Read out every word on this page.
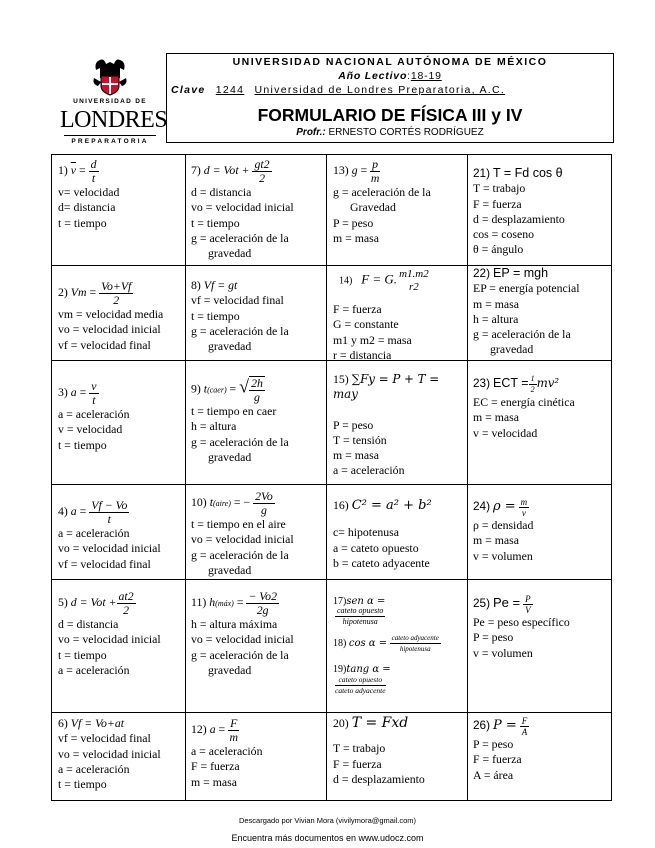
UNIVERSIDAD DE
LONDRES
PREPARATORIA
UNIVERSIDAD NACIONAL AUTÓNOMA DE MÉXICO
Año Lectivo:18-19
Clave 1244 Universidad de Londres Preparatoria, A.C.
FORMULARIO DE FÍSICA III y IV
Profr.: ERNESTO CORTÉS RODRÍGUEZ
1) $\overline{v} = \frac{d}{t}$
v= velocidad
d= distancia
t = tiempo
7) d = Vot + $\frac{gt2}{2}$
d = distancia
vo = velocidad inicial
t = tiempo
g = aceleración de la
gravedad
13) $g = \frac{p}{m}$
g = aceleración de la
Gravedad
P = peso
m = masa
21) T = Fd cos θ
T = trabajo
F = fuerza
d = desplazamiento
cos = coseno
θ = ángulo
2) $Vm = \frac{Vo+Vf}{2}$
vm = velocidad media
vo = velocidad inicial
vf = velocidad final
8) Vf = gt
vf = velocidad final
t = tiempo
g = aceleración de la
gravedad
14) F = G. m1.m2
r2
F = fuerza
G = constante
m1 y m2 = masa
r = distancia
22) EP = mgh
EP = energía potencial
m = masa
h = altura
g = aceleración de la
gravedad
3) $a = \frac{v}{t}$
a = aceleración
v = velocidad
t = tiempo
9) t(caer) = √ $\frac{2h}{g}$
t = tiempo en caer
h = altura
g = aceleración de la
gravedad
15) ∑Fy = P + T =
may
P = peso
T = tensión
m = masa
a = aceleración
23) ECT = $\frac{1}{2} mv^2$
EC = energía cinética
m = masa
v = velocidad
4) $a = \frac{Vf - Vo}{t}$
a = aceleración
vo = velocidad inicial
vf = velocidad final
10) t(aire) = − $\frac{2Vo}{g}$
t = tiempo en el aire
vo = velocidad inicial
g = aceleración de la
gravedad
16) C² = a² + b²
c= hipotenusa
a = cateto opuesto
b = cateto adyacente
24) $\rho = \frac{m}{v}$
ρ = densidad
m = masa
v = volumen
5) d = Vot + $\frac{at2}{2}$
d = distancia
vo = velocidad inicial
t = tiempo
a = aceleración
11) h(máx) = $\frac{- Vo2}{2g}$
h = altura máxima
vo = velocidad inicial
g = aceleración de la
gravedad
17)sen α =
cateto opuesto
hipotenusa
18) cos α = cateto adyacente
hipotenusa
19)tang α =
cateto opuesto
cateto adyacente
25) $Pe = \frac{P}{V}$
Pe = peso específico
P = peso
v = volumen
6) Vf = Vo+at
vf = velocidad final
vo = velocidad inicial
a = aceleración
t = tiempo
12) $a = \frac{F}{m}$
a = aceleración
F = fuerza
m = masa
20) T = Fxd
T = trabajo
F = fuerza
d = desplazamiento
26) $P = \frac{F}{A}$
P = peso
F = fuerza
A = área
Descargado por Vivian Mora (vivilymora@gmail.com)
Encuentra más documentos en www.udocz.com
